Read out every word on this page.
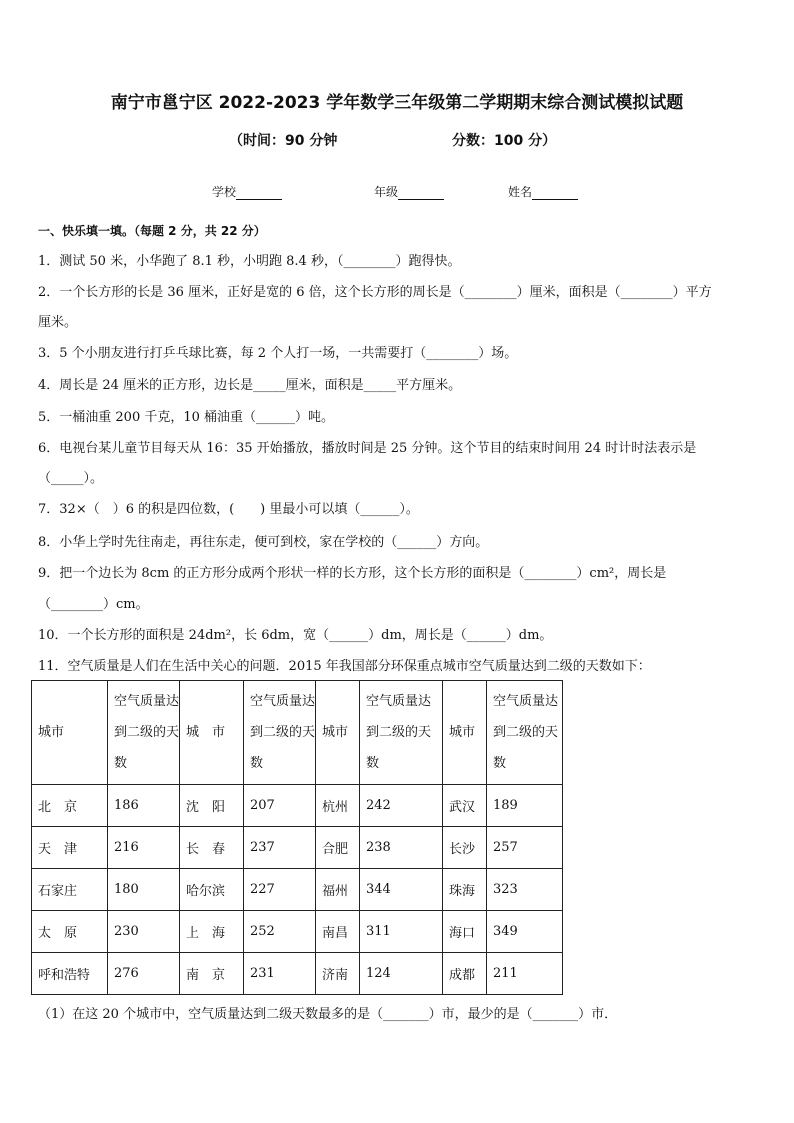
南宁市邕宁区 2022-2023 学年数学三年级第二学期期末综合测试模拟试题
（时间：90 分钟	分数：100 分）
学校	年级	姓名
一、快乐填一填。（每题 2 分，共 22 分）
1．测试 50 米，小华跑了 8.1 秒，小明跑 8.4 秒，（________）跑得快。
2．一个长方形的长是 36 厘米，正好是宽的 6 倍，这个长方形的周长是（________）厘米，面积是（________）平方
厘米。
3．5 个小朋友进行打乒乓球比赛，每 2 个人打一场，一共需要打（________）场。
4．周长是 24 厘米的正方形，边长是_____厘米，面积是_____平方厘米。
5．一桶油重 200 千克，10 桶油重（______）吨。
6．电视台某儿童节目每天从 16：35 开始播放，播放时间是 25 分钟。这个节目的结束时间用 24 时计时法表示是
（_____）。
7．32×（　）6 的积是四位数，(　　) 里最小可以填（______）。
8．小华上学时先往南走，再往东走，便可到校，家在学校的（______）方向。
9．把一个边长为 8cm 的正方形分成两个形状一样的长方形，这个长方形的面积是（________）cm²，周长是
（________）cm。
10．一个长方形的面积是 24dm²，长 6dm，宽（______）dm，周长是（______）dm。
11．空气质量是人们在生活中关心的问题．2015 年我国部分环保重点城市空气质量达到二级的天数如下：
城市	空气质量达到二级的天数	城　市	空气质量达到二级的天数	城市	空气质量达到二级的天数	城市	空气质量达到二级的天数
北　京	186	沈　阳	207	杭州	242	武汉	189
天　津	216	长　春	237	合肥	238	长沙	257
石家庄	180	哈尔滨	227	福州	344	珠海	323
太　原	230	上　海	252	南昌	311	海口	349
呼和浩特	276	南　京	231	济南	124	成都	211
（1）在这 20 个城市中，空气质量达到二级天数最多的是（_______）市，最少的是（_______）市．
